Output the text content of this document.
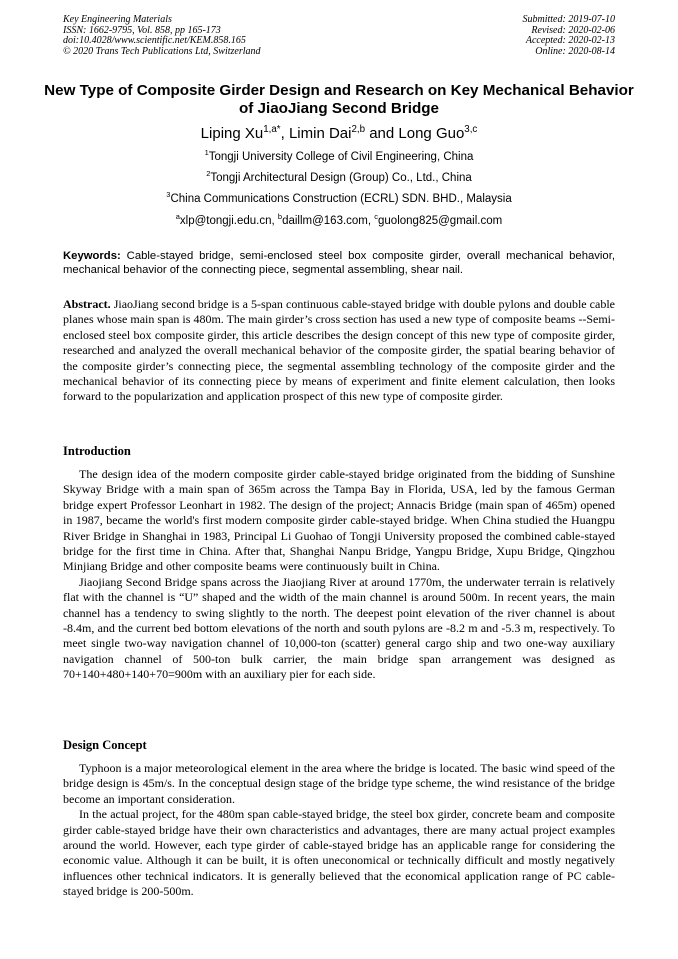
Key Engineering Materials
ISSN: 1662-9795, Vol. 858, pp 165-173
doi:10.4028/www.scientific.net/KEM.858.165
© 2020 Trans Tech Publications Ltd, Switzerland
Submitted: 2019-07-10
Revised: 2020-02-06
Accepted: 2020-02-13
Online: 2020-08-14
New Type of Composite Girder Design and Research on Key Mechanical Behavior of JiaoJiang Second Bridge
Liping $Xu^{1,a*}$, Limin Dai$^{2,b}$ and Long Guo$^{3,c}$
$^1$Tongji University College of Civil Engineering, China
$^2$Tongji Architectural Design (Group) Co., Ltd., China
$^3$China Communications Construction (ECRL) SDN. BHD., Malaysia
$^a$xlp@tongji.edu.cn, $^b$daillm@163.com, $^c$guolong825@gmail.com
Keywords: Cable-stayed bridge, semi-enclosed steel box composite girder, overall mechanical behavior, mechanical behavior of the connecting piece, segmental assembling, shear nail.
Abstract. JiaoJiang second bridge is a 5-span continuous cable-stayed bridge with double pylons and double cable planes whose main span is 480m. The main girder’s cross section has used a new type of composite beams --Semi-enclosed steel box composite girder, this article describes the design concept of this new type of composite girder, researched and analyzed the overall mechanical behavior of the composite girder, the spatial bearing behavior of the composite girder’s connecting piece, the segmental assembling technology of the composite girder and the mechanical behavior of its connecting piece by means of experiment and finite element calculation, then looks forward to the popularization and application prospect of this new type of composite girder.
Introduction

The design idea of the modern composite girder cable-stayed bridge originated from the bidding of Sunshine Skyway Bridge with a main span of 365m across the Tampa Bay in Florida, USA, led by the famous German bridge expert Professor Leonhart in 1982. The design of the project; Annacis Bridge (main span of 465m) opened in 1987, became the world's first modern composite girder cable-stayed bridge. When China studied the Huangpu River Bridge in Shanghai in 1983, Principal Li Guohao of Tongji University proposed the combined cable-stayed bridge for the first time in China. After that, Shanghai Nanpu Bridge, Yangpu Bridge, Xupu Bridge, Qingzhou Minjiang Bridge and other composite beams were continuously built in China.

Jiaojiang Second Bridge spans across the Jiaojiang River at around 1770m, the underwater terrain is relatively flat with the channel is “U” shaped and the width of the main channel is around 500m. In recent years, the main channel has a tendency to swing slightly to the north. The deepest point elevation of the river channel is about -8.4m, and the current bed bottom elevations of the north and south pylons are -8.2 m and -5.3 m, respectively. To meet single two-way navigation channel of 10,000-ton (scatter) general cargo ship and two one-way auxiliary navigation channel of 500-ton bulk carrier, the main bridge span arrangement was designed as 70+140+480+140+70=900m with an auxiliary pier for each side.

Design Concept

Typhoon is a major meteorological element in the area where the bridge is located. The basic wind speed of the bridge design is 45m/s. In the conceptual design stage of the bridge type scheme, the wind resistance of the bridge become an important consideration.

In the actual project, for the 480m span cable-stayed bridge, the steel box girder, concrete beam and composite girder cable-stayed bridge have their own characteristics and advantages, there are many actual project examples around the world. However, each type girder of cable-stayed bridge has an applicable range for considering the economic value. Although it can be built, it is often uneconomical or technically difficult and mostly negatively influences other technical indicators. It is generally believed that the economical application range of PC cable-stayed bridge is 200-500m.
